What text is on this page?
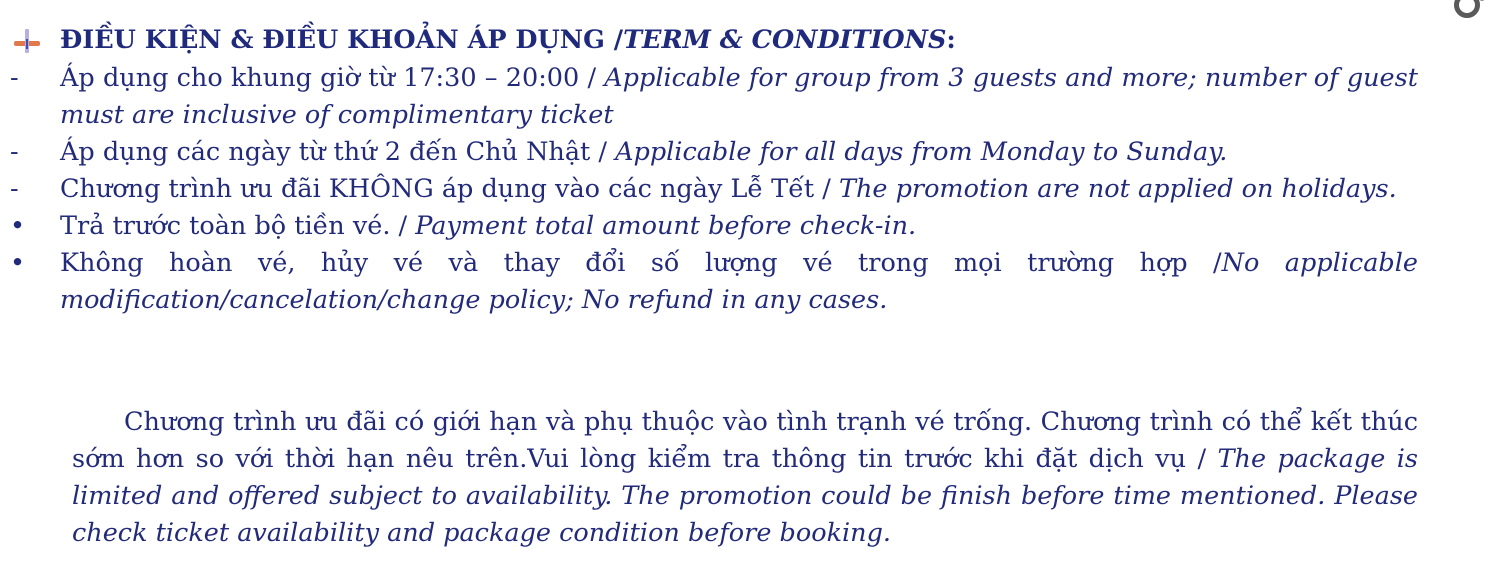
ĐIỀU KIỆN & ĐIỀU KHOẢN ÁP DỤNG / TERM & CONDITIONS :
-	Áp dụng cho khung giờ từ 17:30 – 20:00 / Applicable for group from 3 guests and more; number of guest must are inclusive of complimentary ticket
-	Áp dụng các ngày từ thứ 2 đến Chủ Nhật / Applicable for all days from Monday to Sunday.
-	Chương trình ưu đãi KHÔNG áp dụng vào các ngày Lễ Tết / The promotion are not applied on holidays.
•	Trả trước toàn bộ tiền vé. / Payment total amount before check-in.
•	Không hoàn vé, hủy vé và thay đổi số lượng vé trong mọi trường hợp /No applicable modification/cancelation/change policy; No refund in any cases.
Chương trình ưu đãi có giới hạn và phụ thuộc vào tình trạnh vé trống. Chương trình có thể kết thúc sớm hơn so với thời hạn nêu trên.Vui lòng kiểm tra thông tin trước khi đặt dịch vụ / The package is limited and offered subject to availability. The promotion could be finish before time mentioned. Please check ticket availability and package condition before booking.
